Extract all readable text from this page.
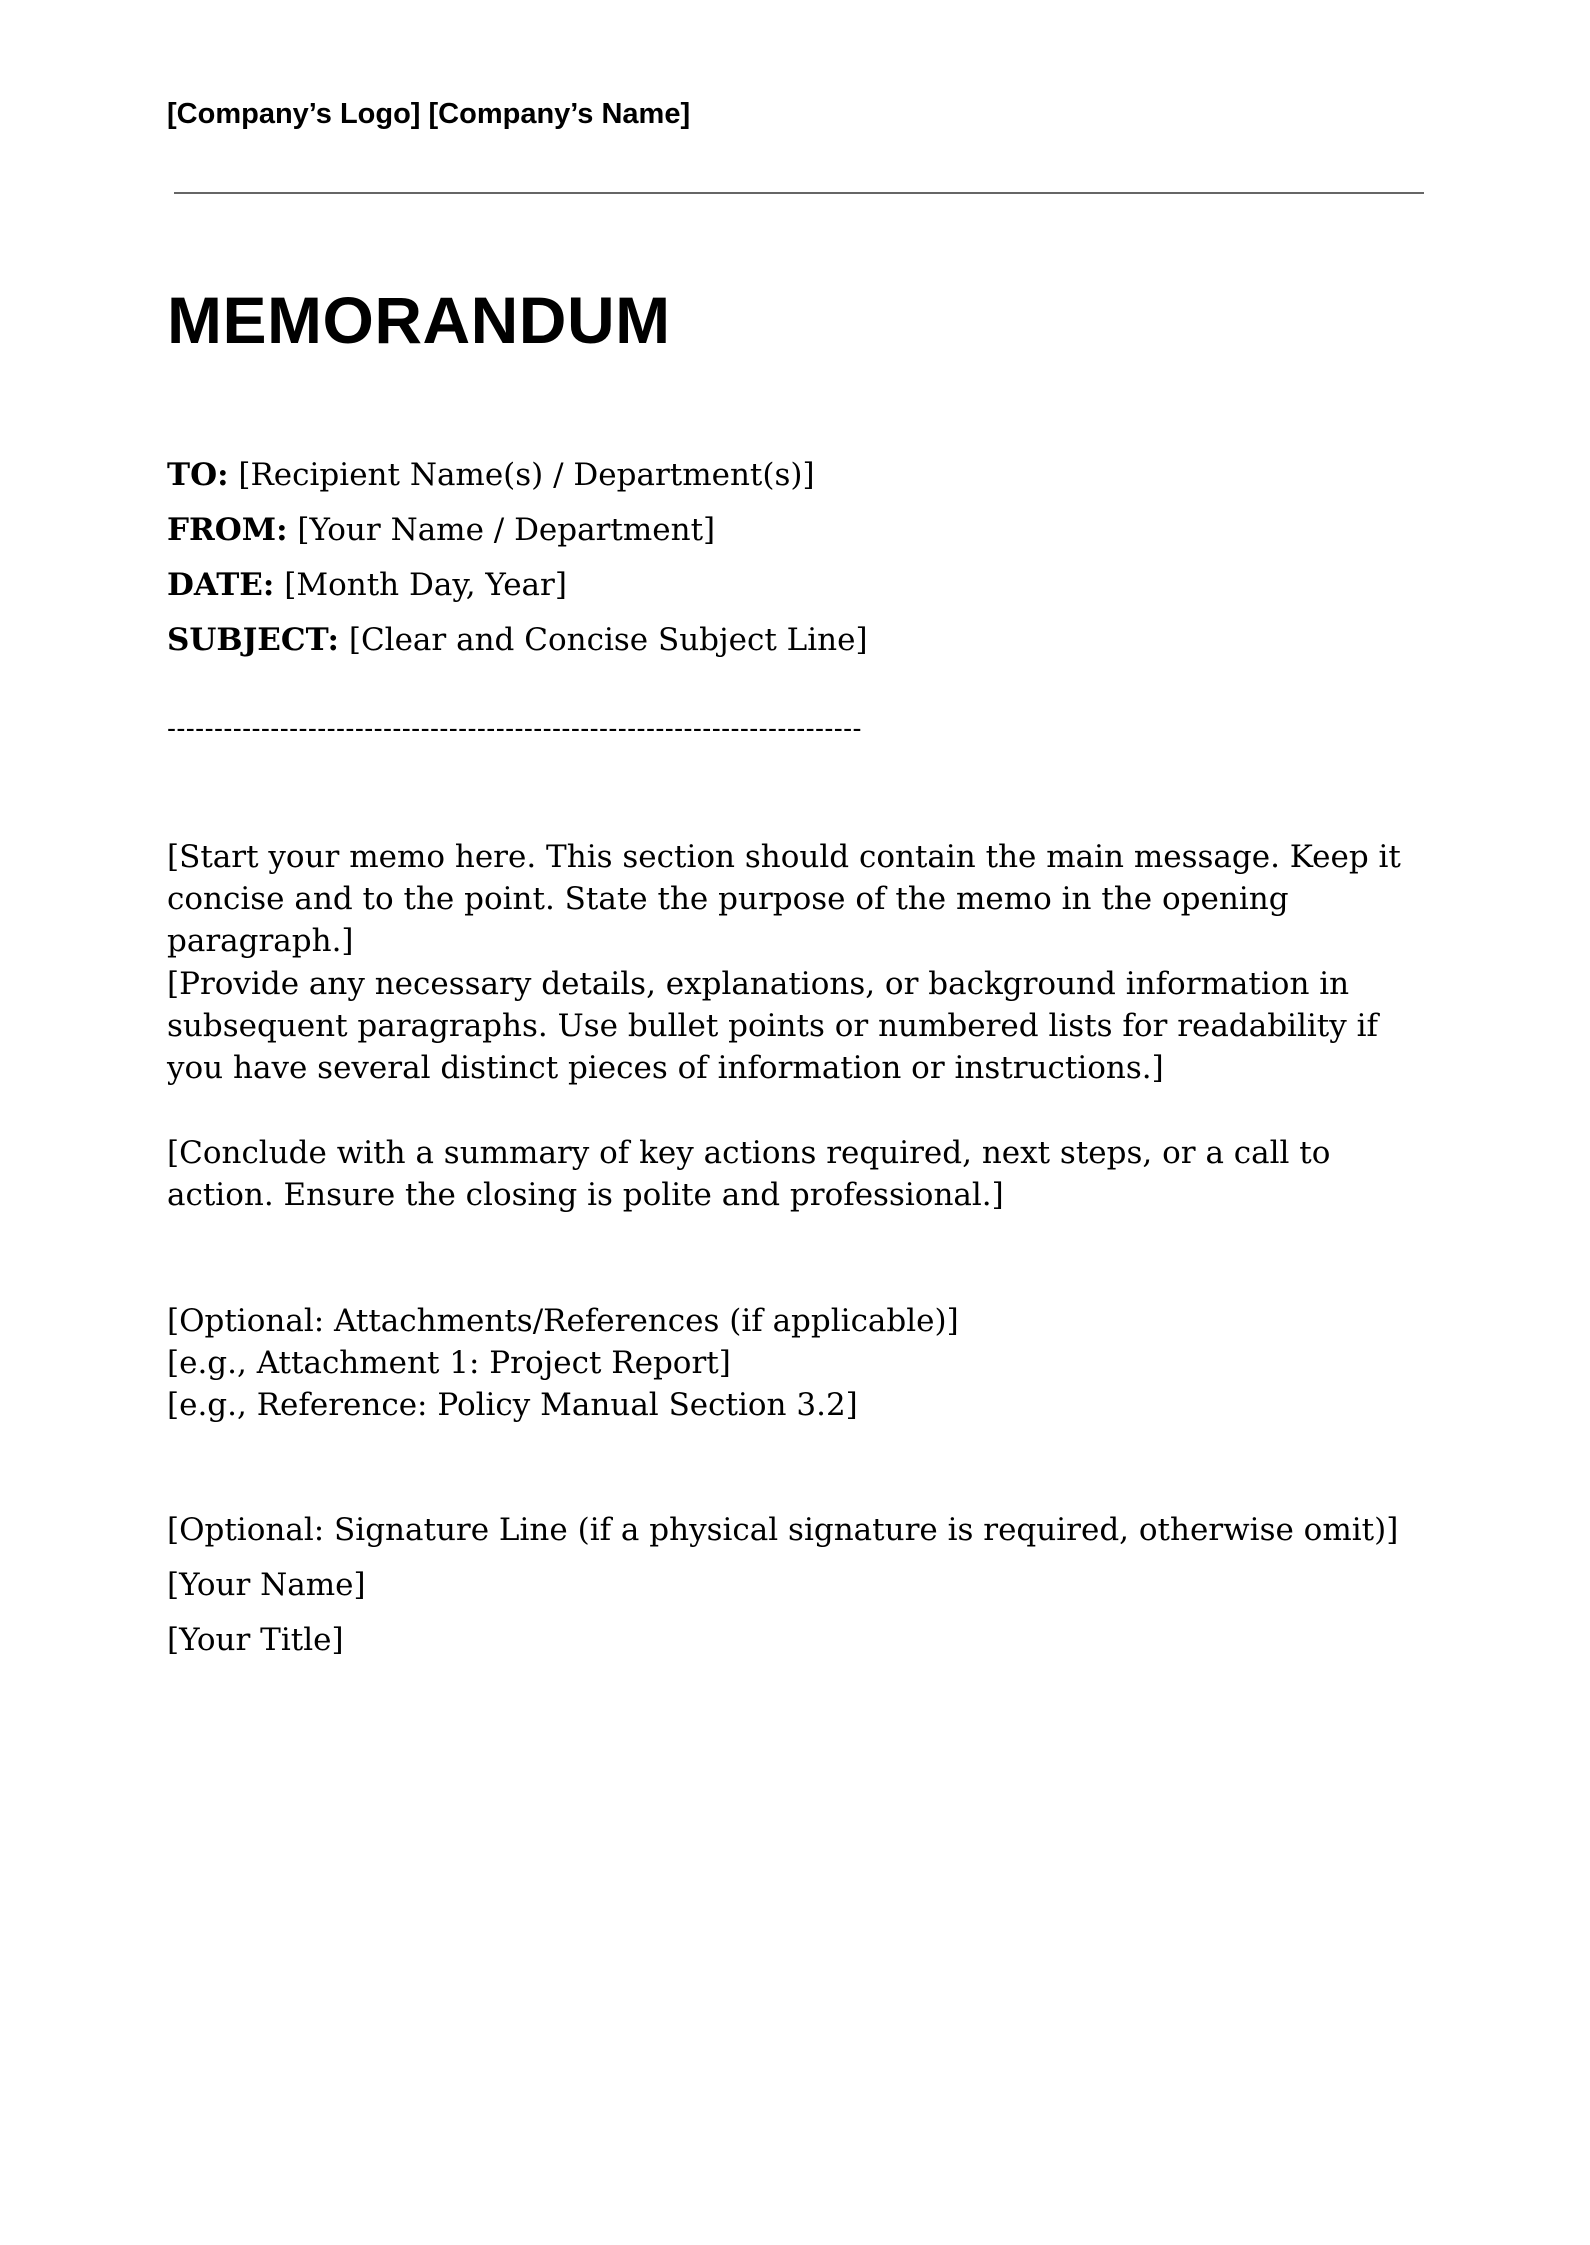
[Company’s Logo] [Company’s Name]
MEMORANDUM
TO: [Recipient Name(s) / Department(s)]
FROM: [Your Name / Department]
DATE: [Month Day, Year]
SUBJECT: [Clear and Concise Subject Line]
--------------------------------------------------------------------------

[Start your memo here. This section should contain the main message. Keep it concise and to the point. State the purpose of the memo in the opening paragraph.]

[Provide any necessary details, explanations, or background information in subsequent paragraphs. Use bullet points or numbered lists for readability if you have several distinct pieces of information or instructions.]

[Conclude with a summary of key actions required, next steps, or a call to action. Ensure the closing is polite and professional.]

[Optional: Attachments/References (if applicable)]
[e.g., Attachment 1: Project Report]
[e.g., Reference: Policy Manual Section 3.2]
[Optional: Signature Line (if a physical signature is required, otherwise omit)]
[Your Name]
[Your Title]
